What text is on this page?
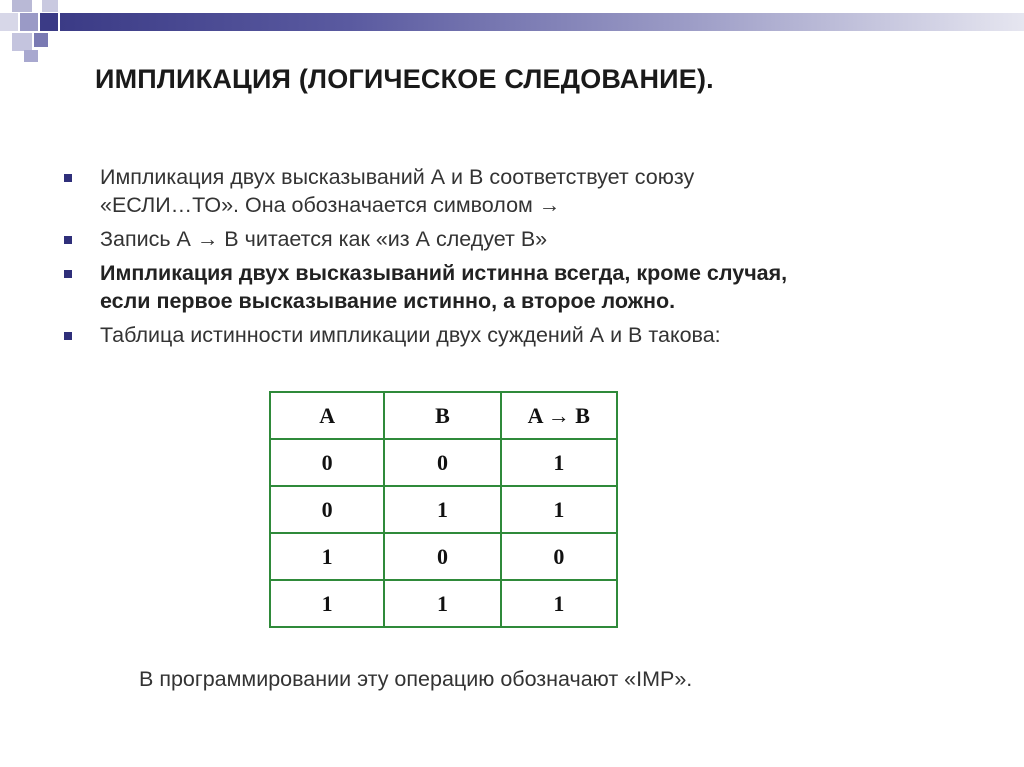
ИМПЛИКАЦИЯ (ЛОГИЧЕСКОЕ СЛЕДОВАНИЕ).
Импликация двух высказываний А и В соответствует союзу
«ЕСЛИ…ТО». Она обозначается символом →
Запись А → В читается как «из А следует В»
Импликация двух высказываний истинна всегда, кроме случая,
если первое высказывание истинно, а второе ложно.
Таблица истинности импликации двух суждений А и В такова:
A	B	A → B
0	0	1
0	1	1
1	0	0
1	1	1

В программировании эту операцию обозначают «IMP».
